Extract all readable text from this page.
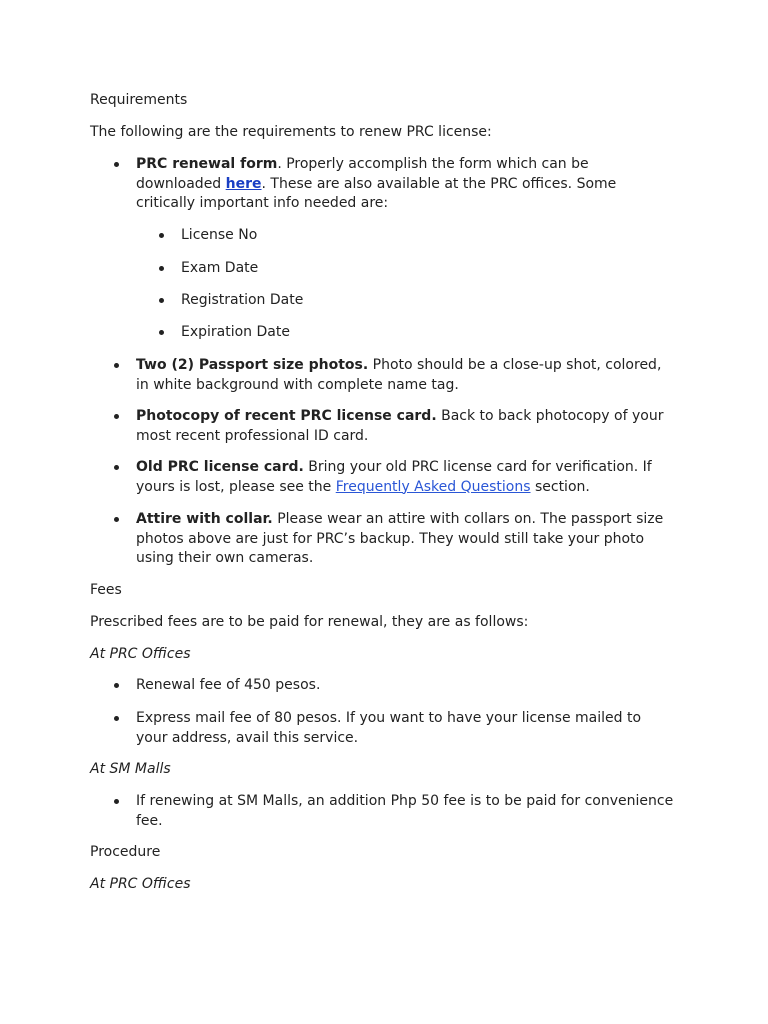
Requirements

The following are the requirements to renew PRC license:

PRC renewal form. Properly accomplish the form which can be downloaded here. These are also available at the PRC offices. Some critically important info needed are:
License No
Exam Date
Registration Date
Expiration Date
Two (2) Passport size photos. Photo should be a close-up shot, colored, in white background with complete name tag.
Photocopy of recent PRC license card. Back to back photocopy of your most recent professional ID card.
Old PRC license card. Bring your old PRC license card for verification. If yours is lost, please see the Frequently Asked Questions section.
Attire with collar. Please wear an attire with collars on. The passport size photos above are just for PRC’s backup. They would still take your photo using their own cameras.

Fees

Prescribed fees are to be paid for renewal, they are as follows:

At PRC Offices

Renewal fee of 450 pesos.
Express mail fee of 80 pesos. If you want to have your license mailed to your address, avail this service.

At SM Malls

If renewing at SM Malls, an addition Php 50 fee is to be paid for convenience fee.

Procedure

At PRC Offices
